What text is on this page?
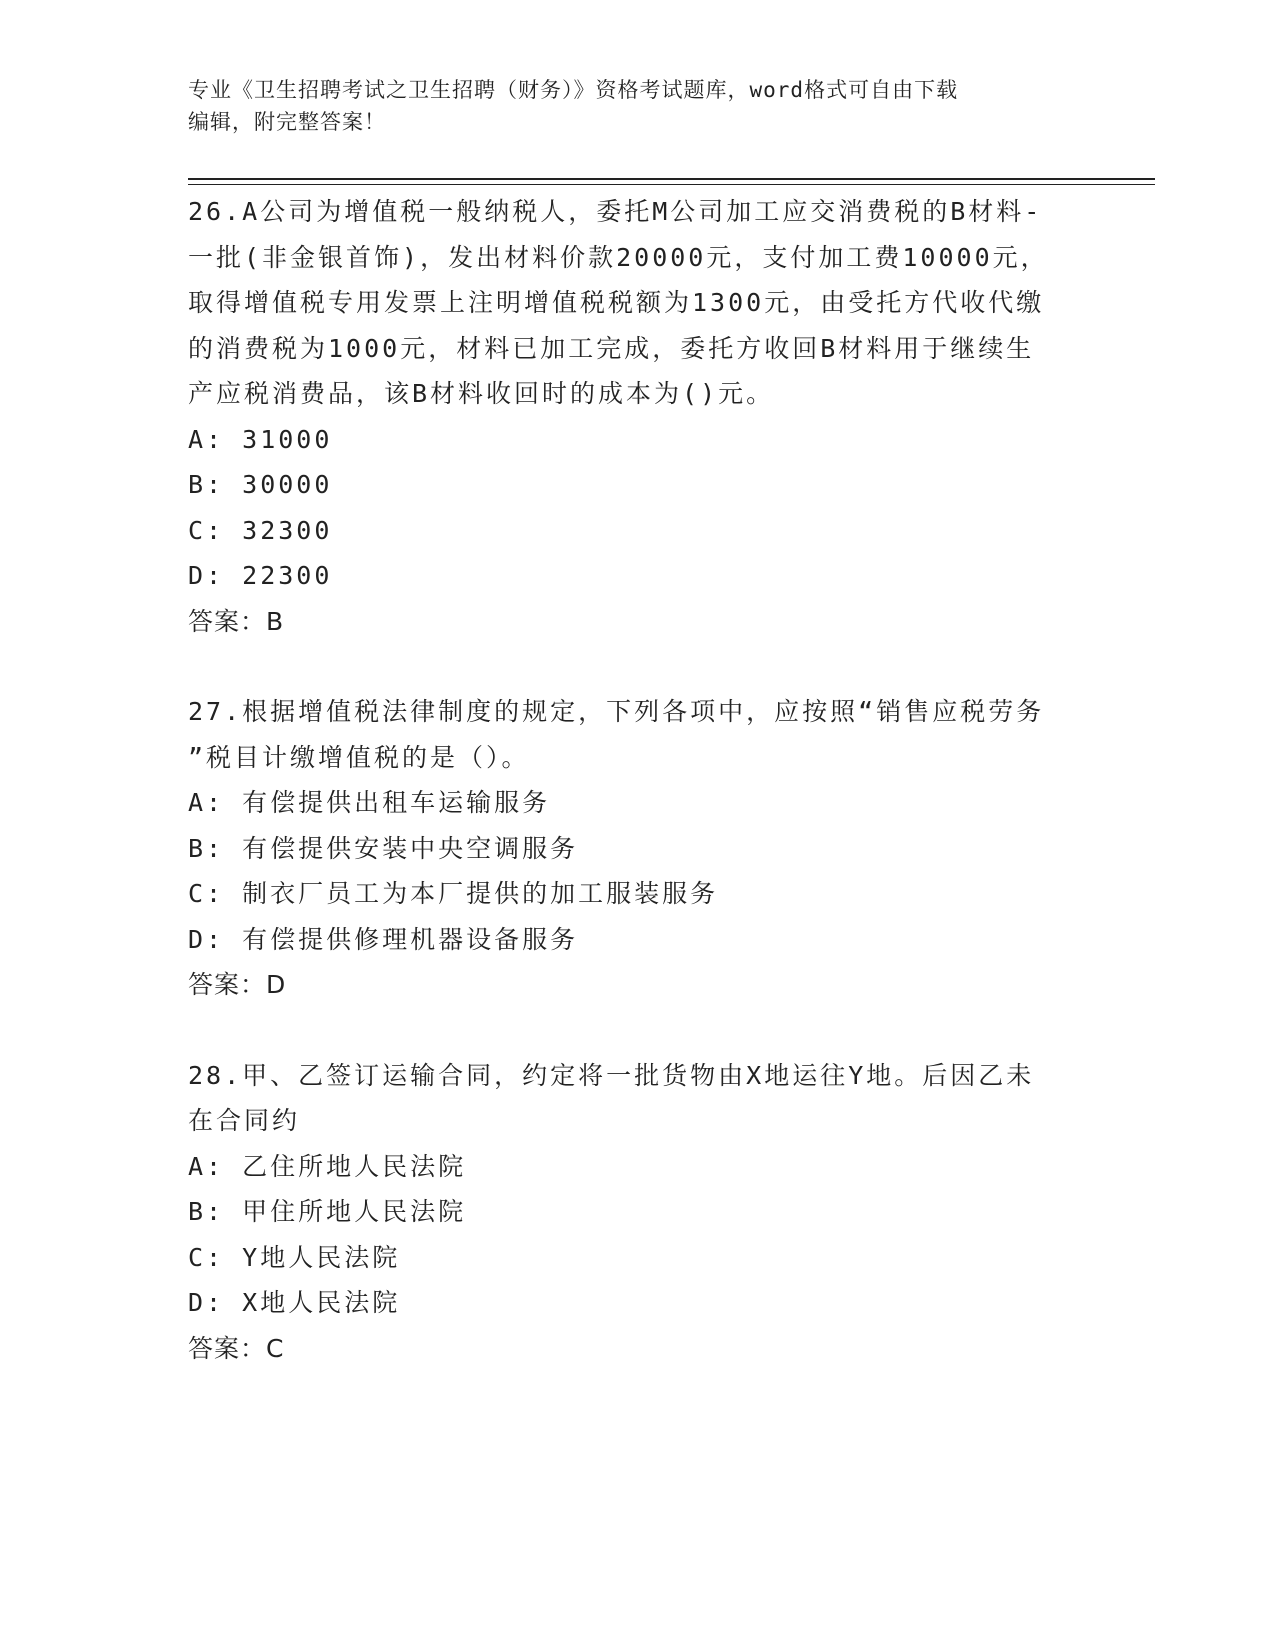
专业《卫生招聘考试之卫生招聘（财务）》资格考试题库，word格式可自由下载
编辑，附完整答案！
26.A公司为增值税一般纳税人，委托M公司加工应交消费税的B材料-
一批(非金银首饰)，发出材料价款20000元，支付加工费10000元，
取得增值税专用发票上注明增值税税额为1300元，由受托方代收代缴
的消费税为1000元，材料已加工完成，委托方收回B材料用于继续生
产应税消费品，该B材料收回时的成本为()元。
A: 31000
B: 30000
C: 32300
D: 22300
答案：B
27.根据增值税法律制度的规定，下列各项中，应按照“销售应税劳务
”税目计缴增值税的是（）。
A: 有偿提供出租车运输服务
B: 有偿提供安装中央空调服务
C: 制衣厂员工为本厂提供的加工服装服务
D: 有偿提供修理机器设备服务
答案：D
28.甲、乙签订运输合同，约定将一批货物由X地运往Y地。后因乙未
在合同约
A: 乙住所地人民法院
B: 甲住所地人民法院
C: Y地人民法院
D: X地人民法院
答案：C
